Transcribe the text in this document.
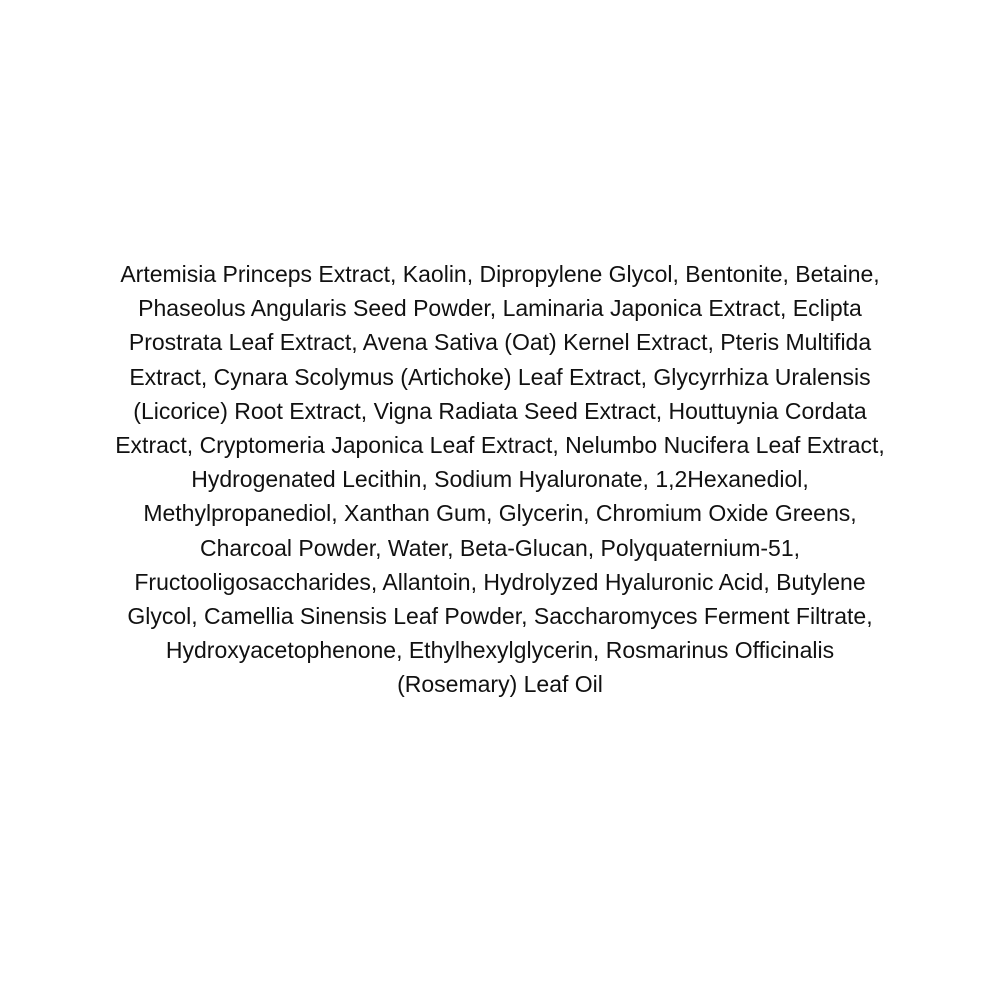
Artemisia Princeps Extract, Kaolin, Dipropylene Glycol, Bentonite, Betaine,
Phaseolus Angularis Seed Powder, Laminaria Japonica Extract, Eclipta
Prostrata Leaf Extract, Avena Sativa (Oat) Kernel Extract, Pteris Multifida
Extract, Cynara Scolymus (Artichoke) Leaf Extract, Glycyrrhiza Uralensis
(Licorice) Root Extract, Vigna Radiata Seed Extract, Houttuynia Cordata
Extract, Cryptomeria Japonica Leaf Extract, Nelumbo Nucifera Leaf Extract,
Hydrogenated Lecithin, Sodium Hyaluronate, 1,2Hexanediol,
Methylpropanediol, Xanthan Gum, Glycerin, Chromium Oxide Greens,
Charcoal Powder, Water, Beta-Glucan, Polyquaternium-51,
Fructooligosaccharides, Allantoin, Hydrolyzed Hyaluronic Acid, Butylene
Glycol, Camellia Sinensis Leaf Powder, Saccharomyces Ferment Filtrate,
Hydroxyacetophenone, Ethylhexylglycerin, Rosmarinus Officinalis
(Rosemary) Leaf Oil
